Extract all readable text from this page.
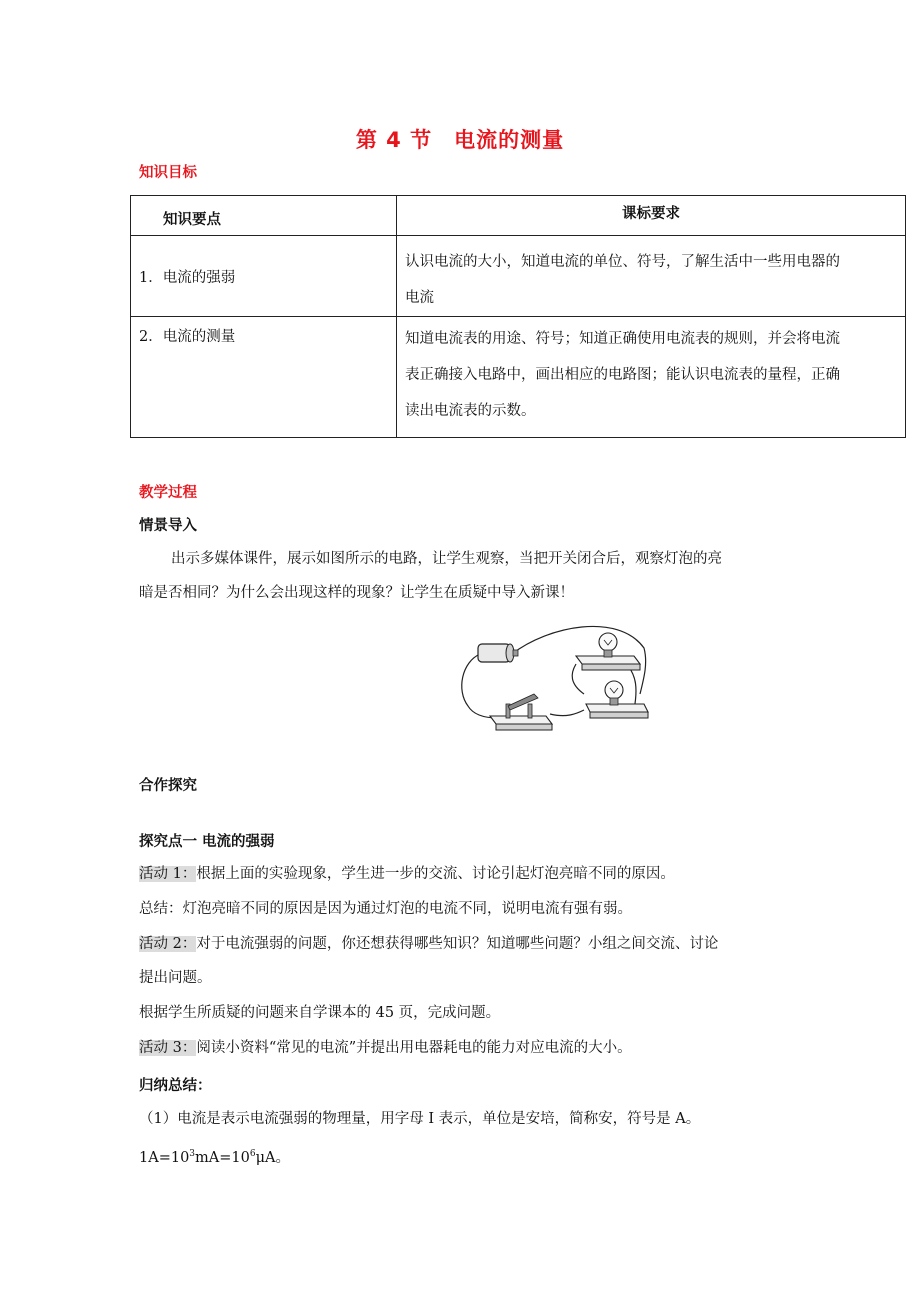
第 4 节　电流的测量
知识目标
知识要点	课标要求

1．电流的强弱	认识电流的大小，知道电流的单位、符号，了解生活中一些用电器的
电流

2．电流的测量	知道电流表的用途、符号；知道正确使用电流表的规则，并会将电流
表正确接入电路中，画出相应的电路图；能认识电流表的量程，正确
读出电流表的示数。
教学过程
情景导入
出示多媒体课件，展示如图所示的电路，让学生观察，当把开关闭合后，观察灯泡的亮
暗是否相同？为什么会出现这样的现象？让学生在质疑中导入新课！
合作探究
探究点一 电流的强弱
活动 1：根据上面的实验现象，学生进一步的交流、讨论引起灯泡亮暗不同的原因。
总结：灯泡亮暗不同的原因是因为通过灯泡的电流不同，说明电流有强有弱。
活动 2：对于电流强弱的问题，你还想获得哪些知识？知道哪些问题？小组之间交流、讨论
提出问题。
根据学生所质疑的问题来自学课本的 45 页，完成问题。
活动 3：阅读小资料“常见的电流”并提出用电器耗电的能力对应电流的大小。
归纳总结：
（1）电流是表示电流强弱的物理量，用字母 I 表示，单位是安培，简称安，符号是 A。
$1A=10^3mA=10^6\mu A$。
